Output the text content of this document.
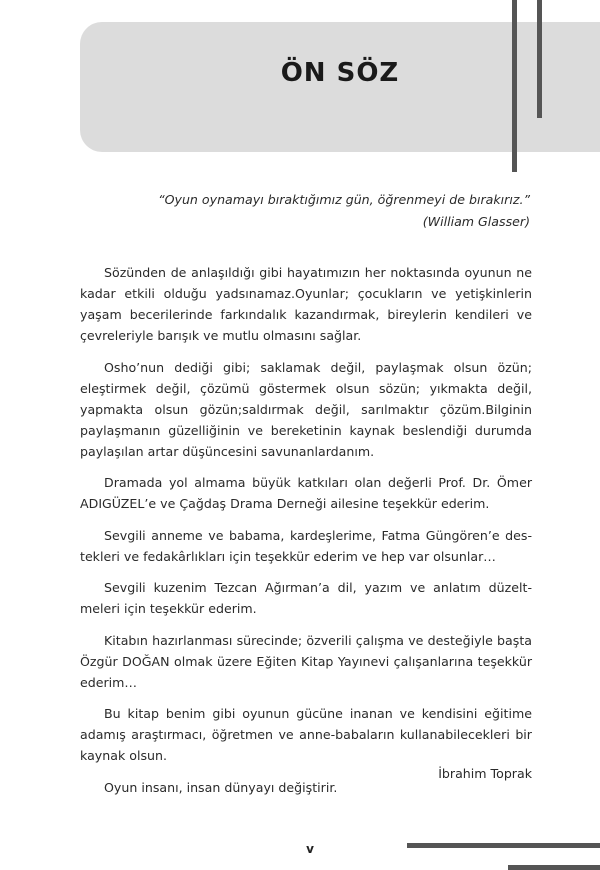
ÖN SÖZ
“Oyun oynamayı bıraktığımız gün, öğrenmeyi de bırakırız.”
(William Glasser)

Sözünden de anlaşıldığı gibi hayatımızın her noktasında oyunun ne kadar etkili olduğu yadsınamaz.Oyunlar; çocukların ve yetişkinlerin yaşam becerilerinde farkındalık kazandırmak, bireylerin kendileri ve çevreleriyle barışık ve mutlu olmasını sağlar.

Osho’nun dediği gibi; saklamak değil, paylaşmak olsun özün; eleştirmek değil, çözümü göstermek olsun sözün; yıkmakta değil, yapmakta olsun gözün;saldırmak değil, sarılmaktır çözüm.Bilginin paylaşmanın güzelliğinin ve bereketinin kaynak beslendiği durumda paylaşılan artar düşüncesini savunanlardanım.

Dramada yol almama büyük katkıları olan değerli Prof. Dr. Ömer ADIGÜZEL’e ve Çağdaş Drama Derneği ailesine teşekkür ederim.

Sevgili anneme ve babama, kardeşlerime, Fatma Güngören’e destekleri ve fedakârlıkları için teşekkür ederim ve hep var olsunlar…

Sevgili kuzenim Tezcan Ağırman’a dil, yazım ve anlatım düzeltmeleri için teşekkür ederim.

Kitabın hazırlanması sürecinde; özverili çalışma ve desteğiyle başta Özgür DOĞAN olmak üzere Eğiten Kitap Yayınevi çalışanlarına teşekkür ederim…

Bu kitap benim gibi oyunun gücüne inanan ve kendisini eğitime adamış araştırmacı, öğretmen ve anne-babaların kullanabilecekleri bir kaynak olsun.

Oyun insanı, insan dünyayı değiştirir.

İbrahim Toprak
v
